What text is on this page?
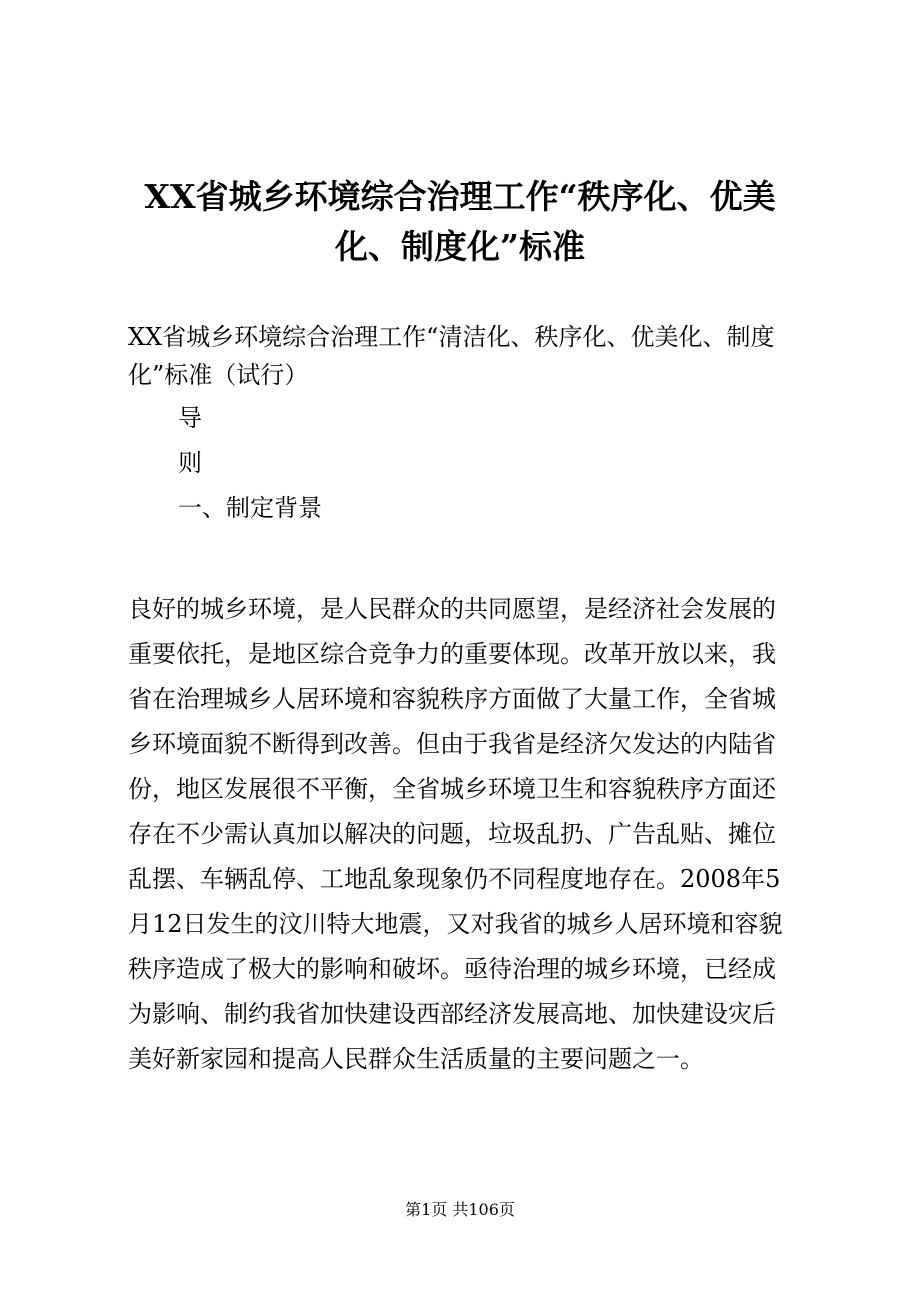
XX省城乡环境综合治理工作“秩序化、优美
化、制度化”标准

XX省城乡环境综合治理工作“清洁化、秩序化、优美化、制度
化”标准（试行）

导

则

一、制定背景

良好的城乡环境，是人民群众的共同愿望，是经济社会发展的
重要依托，是地区综合竞争力的重要体现。改革开放以来，我
省在治理城乡人居环境和容貌秩序方面做了大量工作，全省城
乡环境面貌不断得到改善。但由于我省是经济欠发达的内陆省
份，地区发展很不平衡，全省城乡环境卫生和容貌秩序方面还
存在不少需认真加以解决的问题，垃圾乱扔、广告乱贴、摊位
乱摆、车辆乱停、工地乱象现象仍不同程度地存在。2008年5
月12日发生的汶川特大地震，又对我省的城乡人居环境和容貌
秩序造成了极大的影响和破坏。亟待治理的城乡环境，已经成
为影响、制约我省加快建设西部经济发展高地、加快建设灾后
美好新家园和提高人民群众生活质量的主要问题之一。

第1页 共106页
